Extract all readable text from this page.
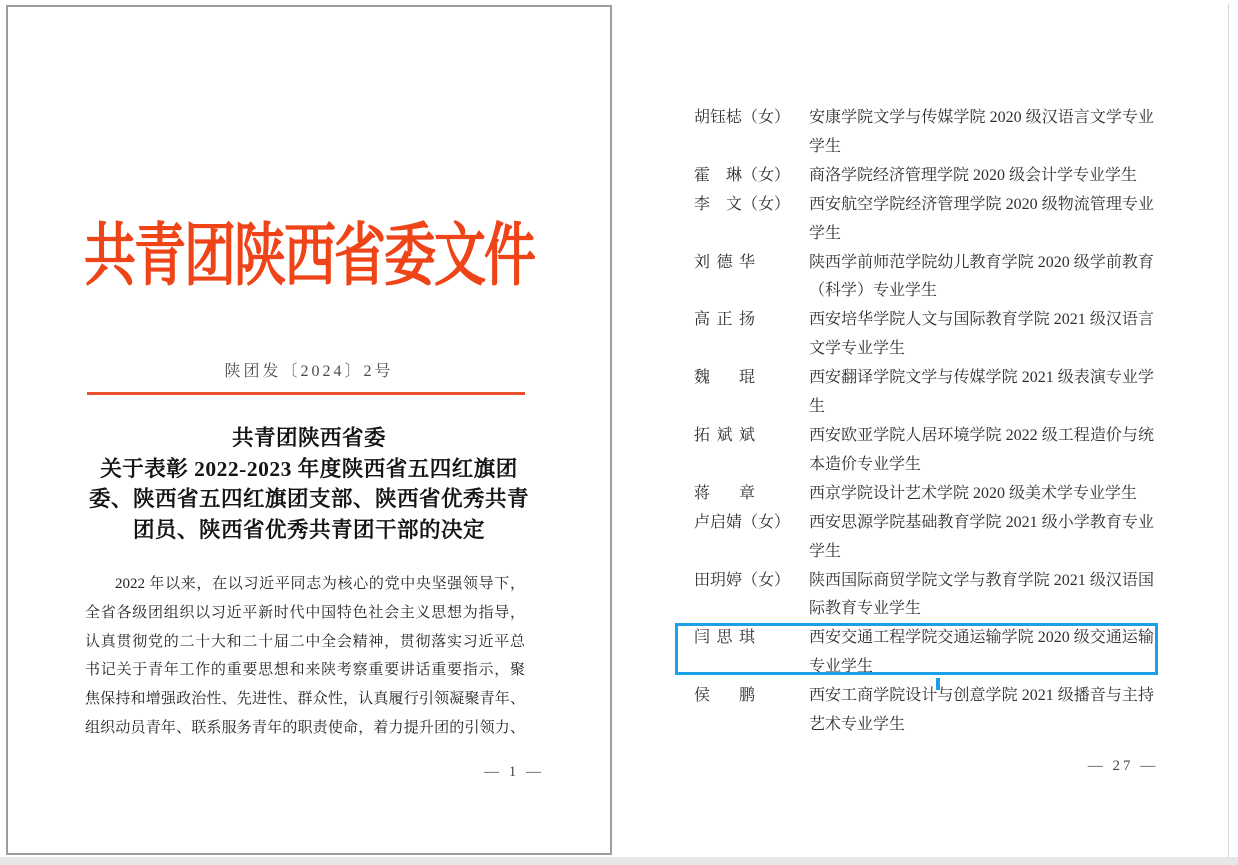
共青团陕西省委文件
陕团发〔2024〕2号
共青团陕西省委
关于表彰 2022-2023 年度陕西省五四红旗团
委、陕西省五四红旗团支部、陕西省优秀共青
团员、陕西省优秀共青团干部的决定
2022 年以来，在以习近平同志为核心的党中央坚强领导下，
全省各级团组织以习近平新时代中国特色社会主义思想为指导，
认真贯彻党的二十大和二十届二中全会精神，贯彻落实习近平总
书记关于青年工作的重要思想和来陕考察重要讲话重要指示，聚
焦保持和增强政治性、先进性、群众性，认真履行引领凝聚青年、
组织动员青年、联系服务青年的职责使命，着力提升团的引领力、
— 1 —
胡钰梽（女）	安康学院文学与传媒学院 2020 级汉语言文学专业学生
霍　琳（女）	商洛学院经济管理学院 2020 级会计学专业学生
李　文（女）	西安航空学院经济管理学院 2020 级物流管理专业学生
刘德华	陕西学前师范学院幼儿教育学院 2020 级学前教育（科学）专业学生
高正扬	西安培华学院人文与国际教育学院 2021 级汉语言文学专业学生
魏　琨	西安翻译学院文学与传媒学院 2021 级表演专业学生
拓斌斌	西安欧亚学院人居环境学院 2022 级工程造价与统本造价专业学生
蒋　章	西京学院设计艺术学院 2020 级美术学专业学生
卢启婧（女）	西安思源学院基础教育学院 2021 级小学教育专业学生
田玥婷（女）	陕西国际商贸学院文学与教育学院 2021 级汉语国际教育专业学生
闫思琪	西安交通工程学院交通运输学院 2020 级交通运输专业学生
侯　鹏	西安工商学院设计与创意学院 2021 级播音与主持艺术专业学生
— 27 —
